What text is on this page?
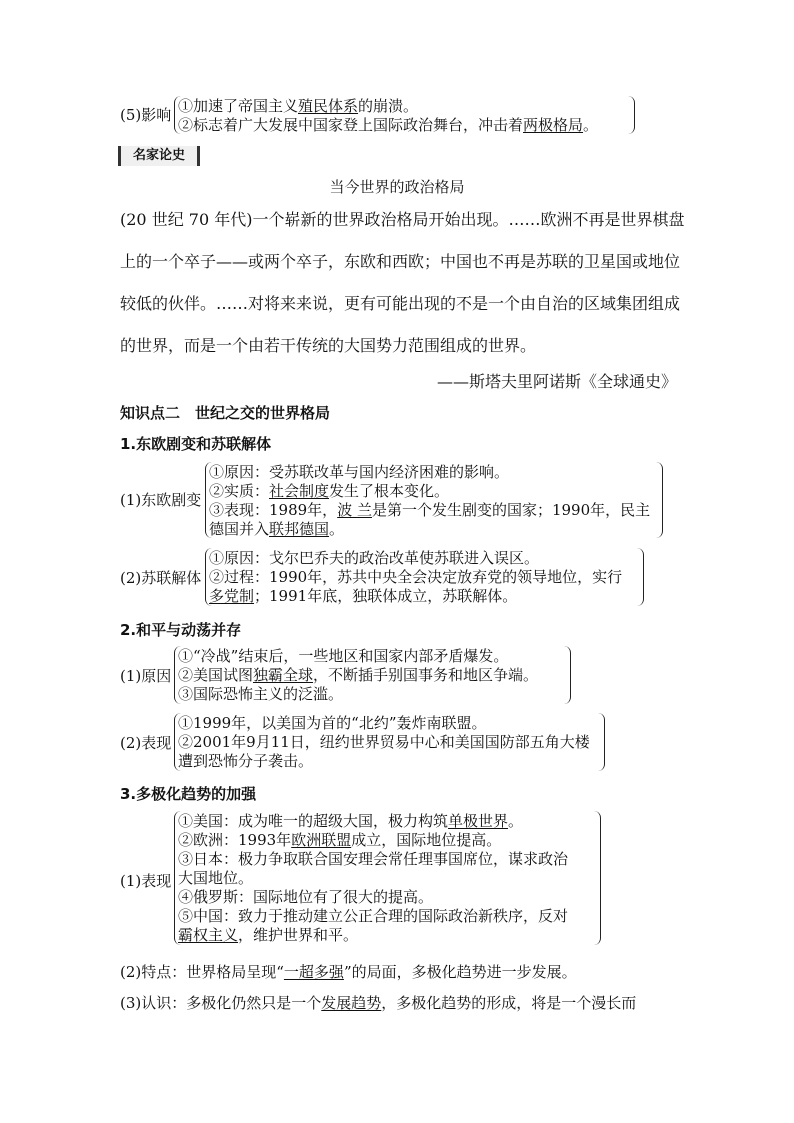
(5)影响 ①加速了帝国主义殖民体系的崩溃。
②标志着广大发展中国家登上国际政治舞台，冲击着两极格局。
名家论史
当今世界的政治格局
(20 世纪 70 年代)一个崭新的世界政治格局开始出现。……欧洲不再是世界棋盘
上的一个卒子——或两个卒子，东欧和西欧；中国也不再是苏联的卫星国或地位
较低的伙伴。……对将来来说，更有可能出现的不是一个由自治的区域集团组成
的世界，而是一个由若干传统的大国势力范围组成的世界。
——斯塔夫里阿诺斯《全球通史》
知识点二　世纪之交的世界格局
1.东欧剧变和苏联解体
(1)东欧剧变
①原因：受苏联改革与国内经济困难的影响。
②实质：社会制度发生了根本变化。
③表现：1989年，波 兰是第一个发生剧变的国家；1990年，民主
德国并入联邦德国。
(2)苏联解体
①原因：戈尔巴乔夫的政治改革使苏联进入误区。
②过程：1990年，苏共中央全会决定放弃党的领导地位，实行
多党制；1991年底，独联体成立，苏联解体。
2.和平与动荡并存
(1)原因
①“冷战”结束后，一些地区和国家内部矛盾爆发。
②美国试图独霸全球，不断插手别国事务和地区争端。
③国际恐怖主义的泛滥。
(2)表现
①1999年，以美国为首的“北约”轰炸南联盟。
②2001年9月11日，纽约世界贸易中心和美国国防部五角大楼
遭到恐怖分子袭击。
3.多极化趋势的加强
(1)表现
①美国：成为唯一的超级大国，极力构筑单极世界。
②欧洲：1993年欧洲联盟成立，国际地位提高。
③日本：极力争取联合国安理会常任理事国席位，谋求政治
大国地位。
④俄罗斯：国际地位有了很大的提高。
⑤中国：致力于推动建立公正合理的国际政治新秩序，反对
霸权主义，维护世界和平。
(2)特点：世界格局呈现“一超多强”的局面，多极化趋势进一步发展。
(3)认识：多极化仍然只是一个发展趋势，多极化趋势的形成，将是一个漫长而
